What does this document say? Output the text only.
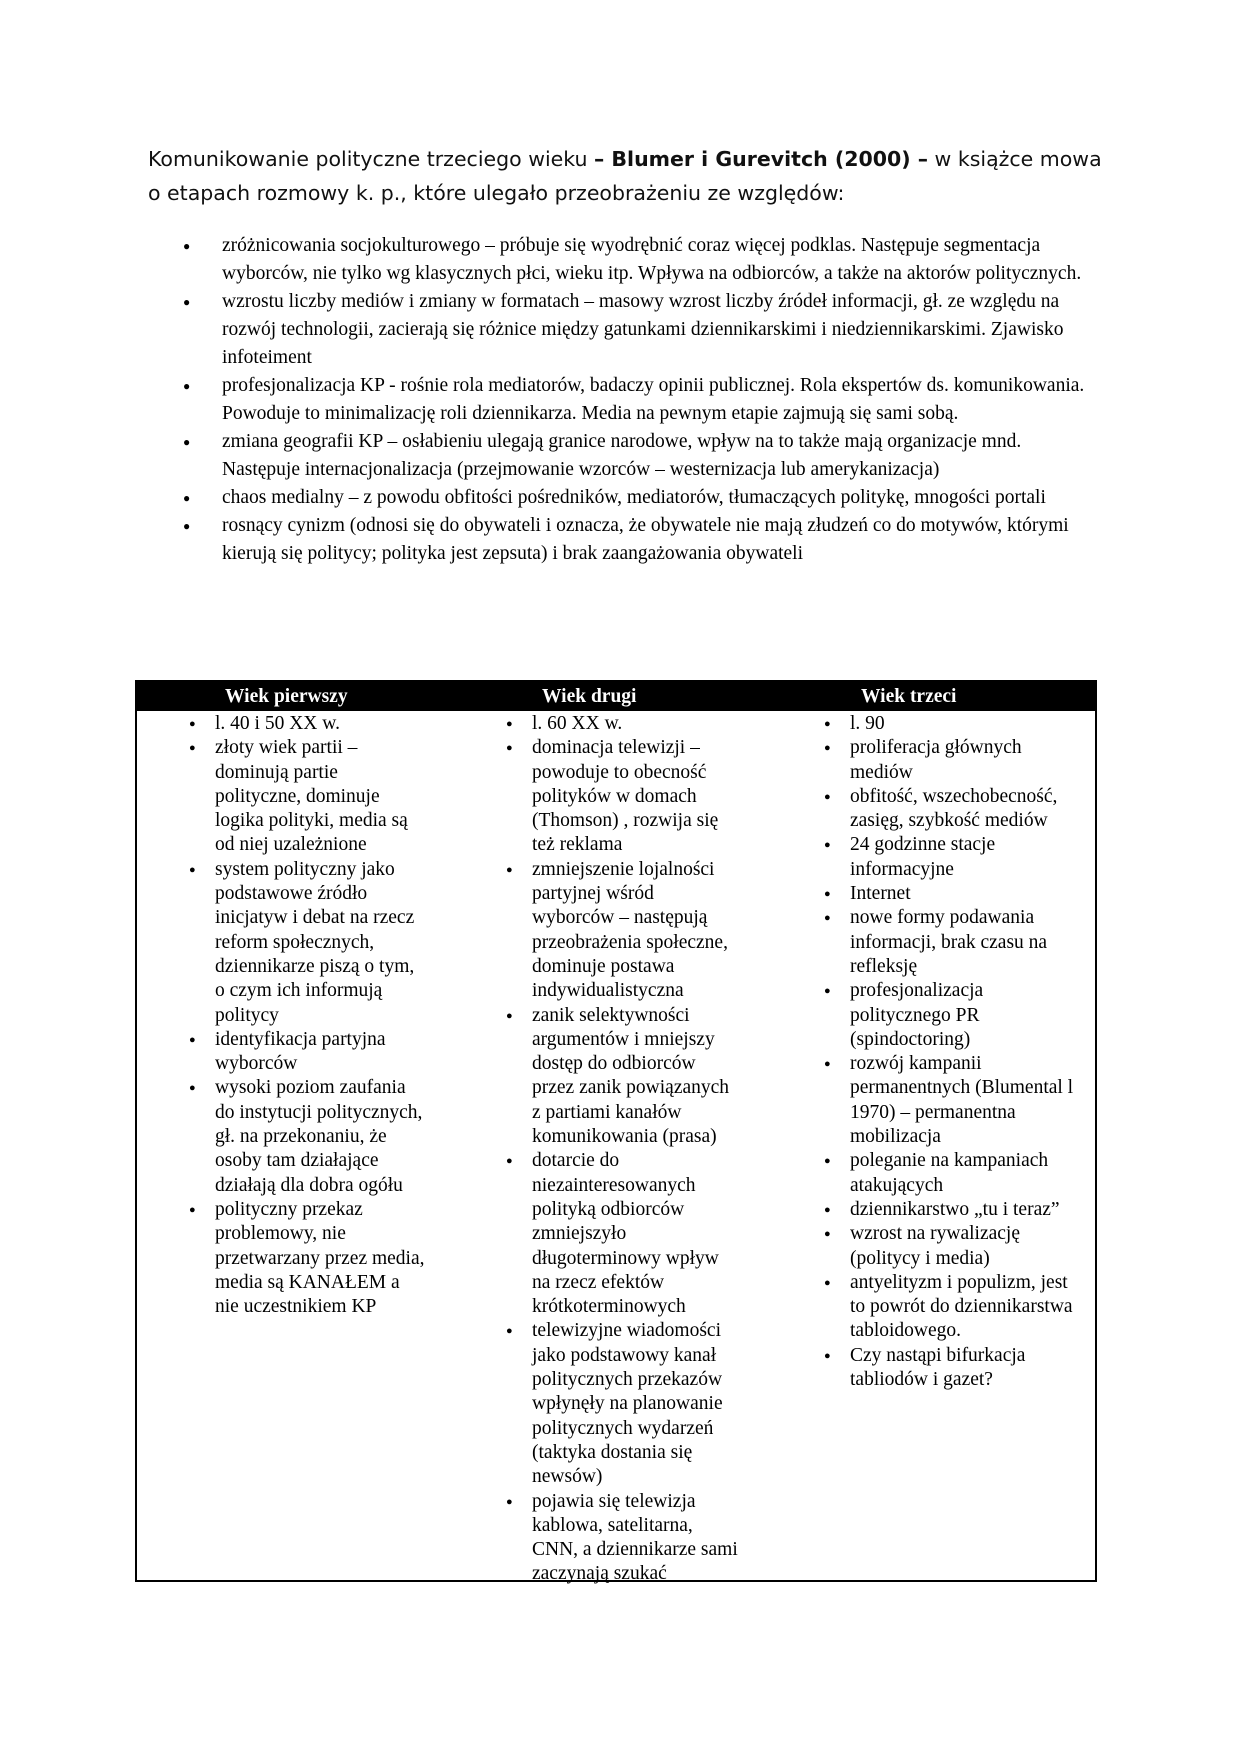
Komunikowanie polityczne trzeciego wieku – Blumer i Gurevitch (2000) – w książce mowa o etapach rozmowy k. p., które ulegało przeobrażeniu ze względów:
● zróżnicowania socjokulturowego – próbuje się wyodrębnić coraz więcej podklas. Następuje segmentacja wyborców, nie tylko wg klasycznych płci, wieku itp. Wpływa na odbiorców, a także na aktorów politycznych.
● wzrostu liczby mediów i zmiany w formatach – masowy wzrost liczby źródeł informacji, gł. ze względu na rozwój technologii, zacierają się różnice między gatunkami dziennikarskimi i niedziennikarskimi. Zjawisko infoteiment
● profesjonalizacja KP - rośnie rola mediatorów, badaczy opinii publicznej. Rola ekspertów ds. komunikowania. Powoduje to minimalizację roli dziennikarza. Media na pewnym etapie zajmują się sami sobą.
● zmiana geografii KP – osłabieniu ulegają granice narodowe, wpływ na to także mają organizacje mnd. Następuje internacjonalizacja (przejmowanie wzorców – westernizacja lub amerykanizacja)
● chaos medialny – z powodu obfitości pośredników, mediatorów, tłumaczących politykę, mnogości portali
● rosnący cynizm (odnosi się do obywateli i oznacza, że obywatele nie mają złudzeń co do motywów, którymi kierują się politycy; polityka jest zepsuta) i brak zaangażowania obywateli
Wiek pierwszy	Wiek drugi	Wiek trzeci
● l. 40 i 50 XX w.
● złoty wiek partii – dominują partie polityczne, dominuje logika polityki, media są od niej uzależnione
● system polityczny jako podstawowe źródło inicjatyw i debat na rzecz reform społecznych, dziennikarze piszą o tym, o czym ich informują politycy
● identyfikacja partyjna wyborców
● wysoki poziom zaufania do instytucji politycznych, gł. na przekonaniu, że osoby tam działające działają dla dobra ogółu
● polityczny przekaz problemowy, nie przetwarzany przez media, media są KANAŁEM a nie uczestnikiem KP
● l. 60 XX w.
● dominacja telewizji – powoduje to obecność polityków w domach (Thomson) , rozwija się też reklama
● zmniejszenie lojalności partyjnej wśród wyborców – następują przeobrażenia społeczne, dominuje postawa indywidualistyczna
● zanik selektywności argumentów i mniejszy dostęp do odbiorców przez zanik powiązanych z partiami kanałów komunikowania (prasa)
● dotarcie do niezainteresowanych polityką odbiorców zmniejszyło długoterminowy wpływ na rzecz efektów krótkoterminowych
● telewizyjne wiadomości jako podstawowy kanał politycznych przekazów wpłynęły na planowanie politycznych wydarzeń (taktyka dostania się newsów)
● pojawia się telewizja kablowa, satelitarna, CNN, a dziennikarze sami zaczynają szukać
● l. 90
● proliferacja głównych mediów
● obfitość, wszechobecność, zasięg, szybkość mediów
● 24 godzinne stacje informacyjne
● Internet
● nowe formy podawania informacji, brak czasu na refleksję
● profesjonalizacja politycznego PR (spindoctoring)
● rozwój kampanii permanentnych (Blumental l 1970) – permanentna mobilizacja
● poleganie na kampaniach atakujących
● dziennikarstwo „tu i teraz”
● wzrost na rywalizację (politycy i media)
● antyelityzm i populizm, jest to powrót do dziennikarstwa tabloidowego.
● Czy nastąpi bifurkacja tabliodów i gazet?
